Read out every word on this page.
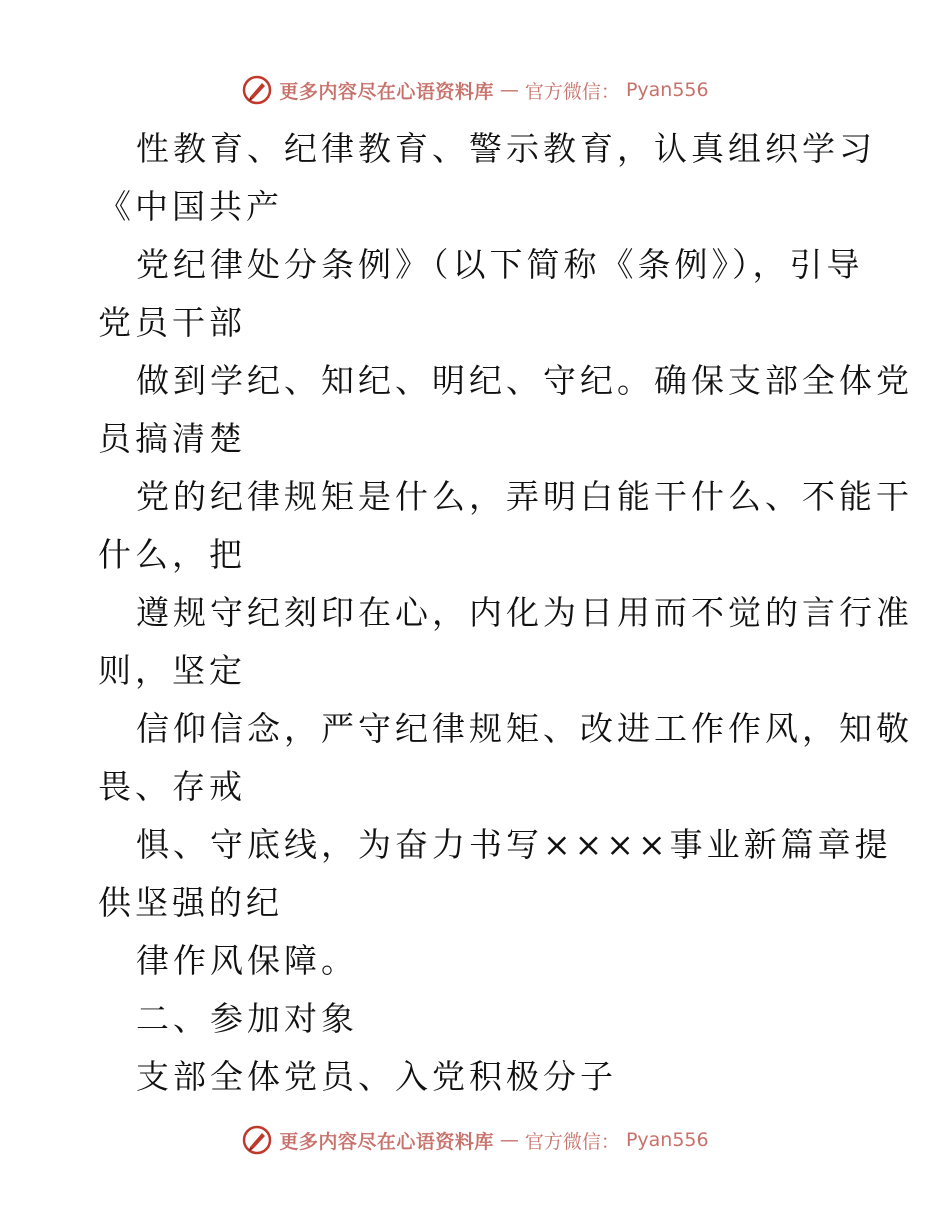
更多内容尽在心语资料库 — 官方微信： Pyan556
性教育、纪律教育、警示教育，认真组织学习
《中国共产
党纪律处分条例》（以下简称《条例》），引导
党员干部
做到学纪、知纪、明纪、守纪。确保支部全体党
员搞清楚
党的纪律规矩是什么，弄明白能干什么、不能干
什么，把
遵规守纪刻印在心，内化为日用而不觉的言行准
则，坚定
信仰信念，严守纪律规矩、改进工作作风，知敬
畏、存戒
惧、守底线，为奋力书写××××事业新篇章提
供坚强的纪
律作风保障。
二、参加对象
支部全体党员、入党积极分子
更多内容尽在心语资料库 — 官方微信： Pyan556
